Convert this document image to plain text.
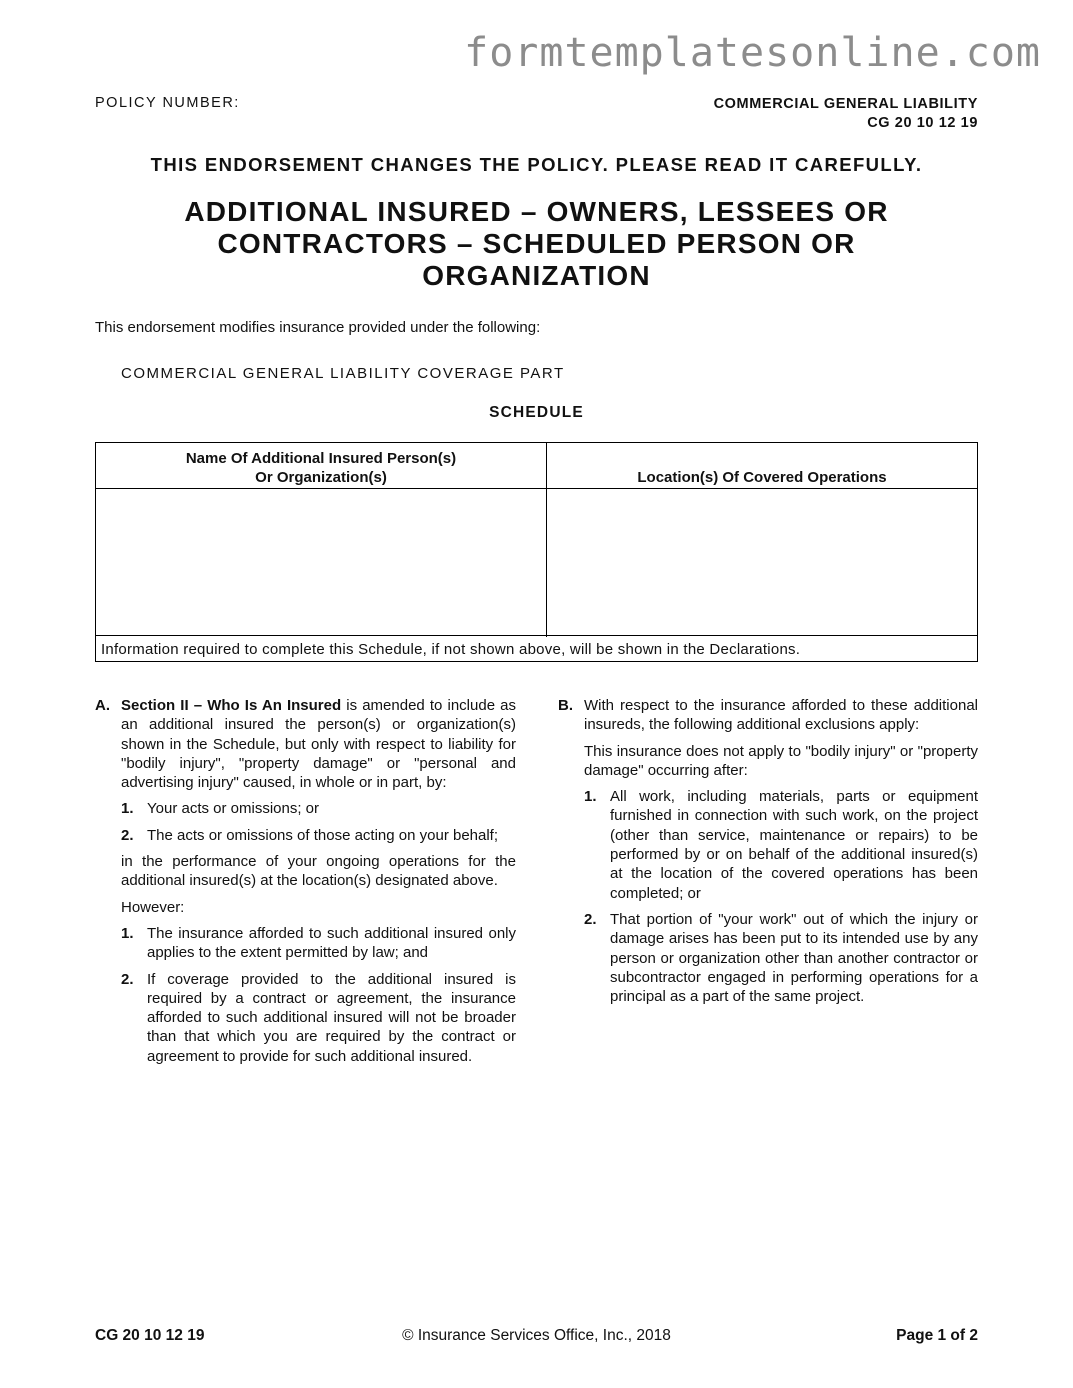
formtemplatesonline.com
POLICY NUMBER:	COMMERCIAL GENERAL LIABILITY
CG 20 10 12 19
THIS ENDORSEMENT CHANGES THE POLICY. PLEASE READ IT CAREFULLY.
ADDITIONAL INSURED – OWNERS, LESSEES OR CONTRACTORS – SCHEDULED PERSON OR ORGANIZATION
This endorsement modifies insurance provided under the following:
COMMERCIAL GENERAL LIABILITY COVERAGE PART
SCHEDULE
Name Of Additional Insured Person(s)
Or Organization(s)	Location(s) Of Covered Operations
Information required to complete this Schedule, if not shown above, will be shown in the Declarations.
A. Section II – Who Is An Insured is amended to include as an additional insured the person(s) or organization(s) shown in the Schedule, but only with respect to liability for "bodily injury", "property damage" or "personal and advertising injury" caused, in whole or in part, by:
1. Your acts or omissions; or
2. The acts or omissions of those acting on your behalf;
in the performance of your ongoing operations for the additional insured(s) at the location(s) designated above.
However:
1. The insurance afforded to such additional insured only applies to the extent permitted by law; and
2. If coverage provided to the additional insured is required by a contract or agreement, the insurance afforded to such additional insured will not be broader than that which you are required by the contract or agreement to provide for such additional insured.
B. With respect to the insurance afforded to these additional insureds, the following additional exclusions apply:
This insurance does not apply to "bodily injury" or "property damage" occurring after:
1. All work, including materials, parts or equipment furnished in connection with such work, on the project (other than service, maintenance or repairs) to be performed by or on behalf of the additional insured(s) at the location of the covered operations has been completed; or
2. That portion of "your work" out of which the injury or damage arises has been put to its intended use by any person or organization other than another contractor or subcontractor engaged in performing operations for a principal as a part of the same project.
CG 20 10 12 19	© Insurance Services Office, Inc., 2018	Page 1 of 2
